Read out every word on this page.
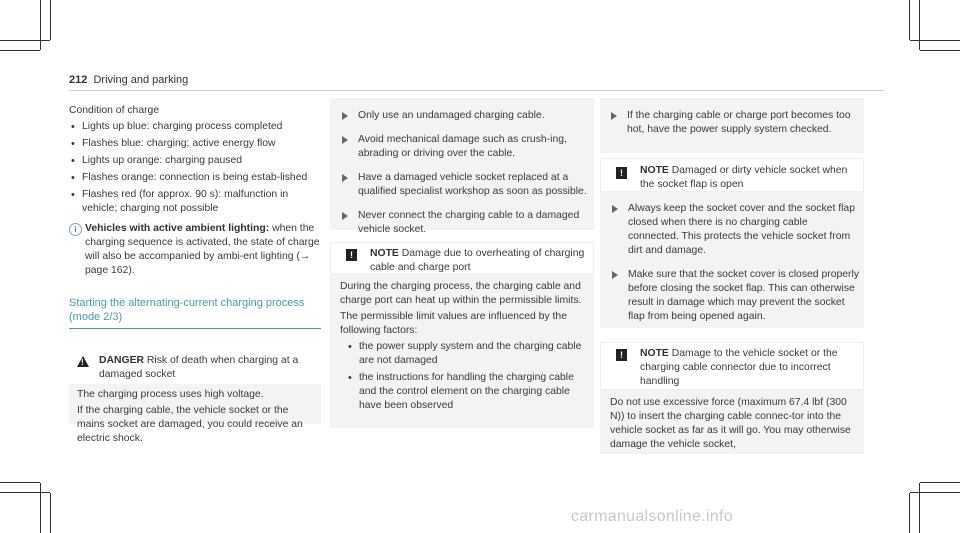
212 Driving and parking

Condition of charge

• Lights up blue: charging process completed
• Flashes blue: charging; active energy flow
• Lights up orange: charging paused
• Flashes orange: connection is being estab-lished
• Flashes red (for approx. 90 s): malfunction in vehicle; charging not possible
i Vehicles with active ambient lighting: when the charging sequence is activated, the state of charge will also be accompanied by ambi-ent lighting (→ page 162).
Starting the alternating-current charging process (mode 2/3)
! DANGER Risk of death when charging at a damaged socket

The charging process uses high voltage.

If the charging cable, the vehicle socket or the mains socket are damaged, you could receive an electric shock.

Only use an undamaged charging cable.
Avoid mechanical damage such as crush-ing, abrading or driving over the cable.
Have a damaged vehicle socket replaced at a qualified specialist workshop as soon as possible.
Never connect the charging cable to a damaged vehicle socket.
!	NOTE Damage due to overheating of charging cable and charge port

During the charging process, the charging cable and charge port can heat up within the permissible limits.

The permissible limit values are influenced by the following factors:

• the power supply system and the charging cable are not damaged
• the instructions for handling the charging cable and the control element on the charging cable have been observed
If the charging cable or charge port becomes too hot, have the power supply system checked.
!	NOTE Damaged or dirty vehicle socket when the socket flap is open
Always keep the socket cover and the socket flap closed when there is no charging cable connected. This protects the vehicle socket from dirt and damage.
Make sure that the socket cover is closed properly before closing the socket flap. This can otherwise result in damage which may prevent the socket flap from being opened again.
!	NOTE Damage to the vehicle socket or the charging cable connector due to incorrect handling

Do not use excessive force (maximum 67.4 lbf (300 N)) to insert the charging cable connec-tor into the vehicle socket as far as it will go. You may otherwise damage the vehicle socket,

carmanualsonline.info
